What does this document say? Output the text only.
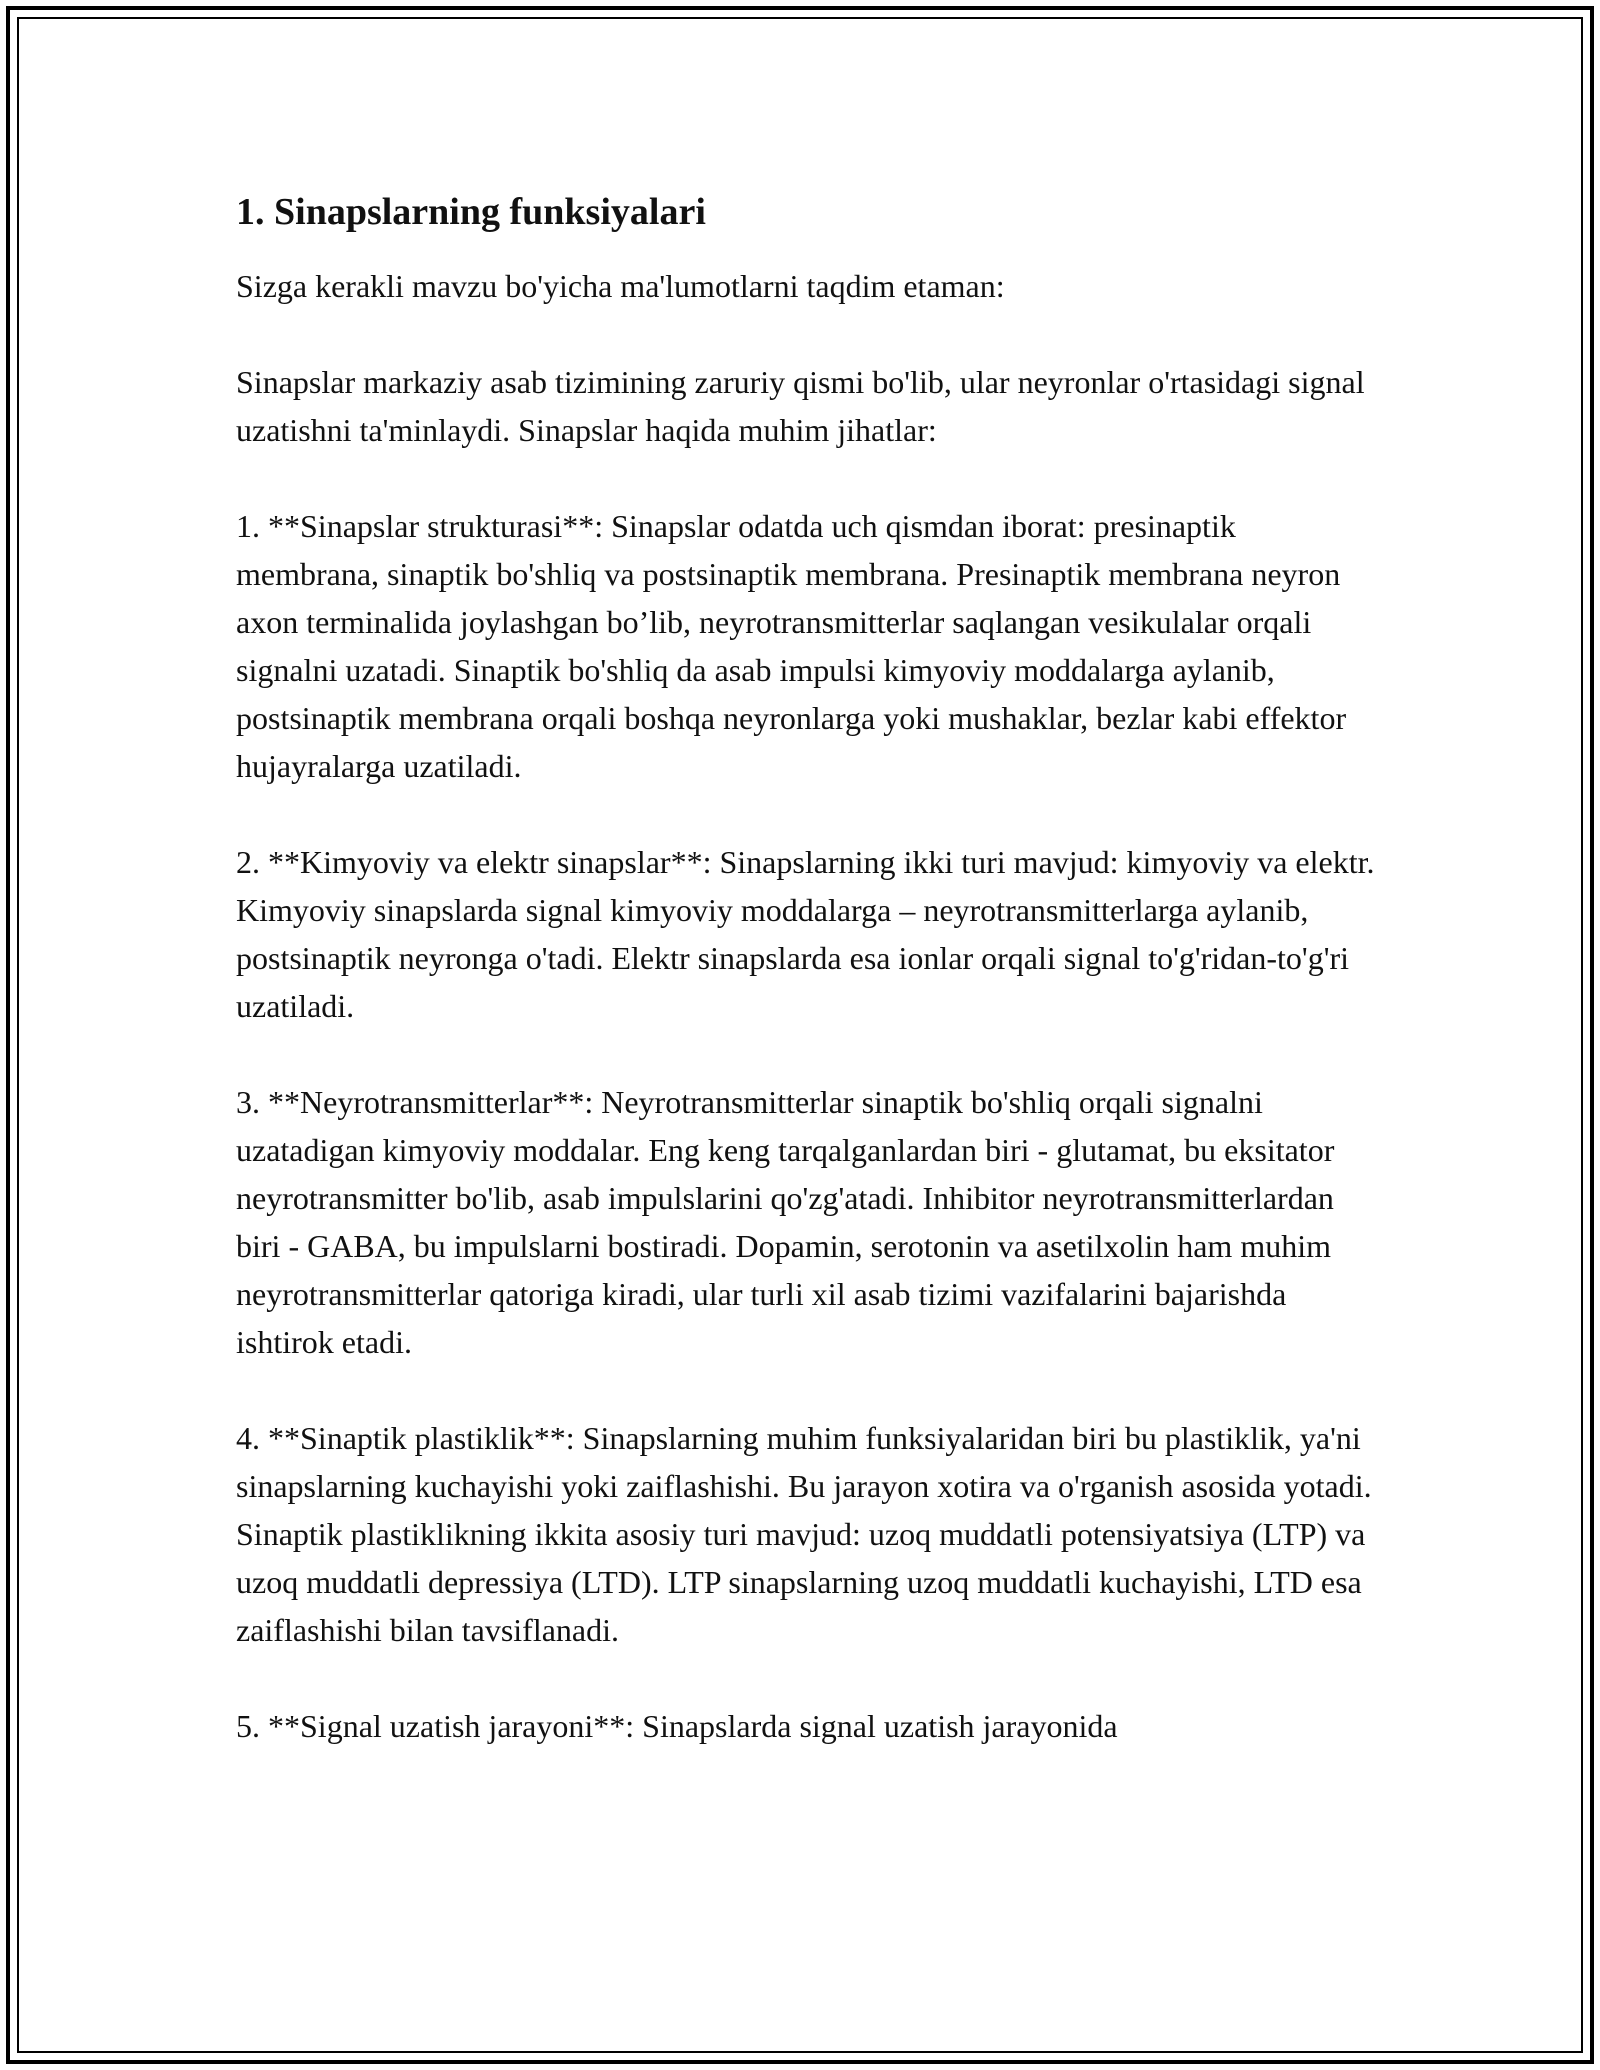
1. Sinapslarning funksiyalari

Sizga kerakli mavzu bo'yicha ma'lumotlarni taqdim etaman:

Sinapslar markaziy asab tizimining zaruriy qismi bo'lib, ular neyronlar o'rtasidagi signal uzatishni ta'minlaydi. Sinapslar haqida muhim jihatlar:

1. **Sinapslar strukturasi**: Sinapslar odatda uch qismdan iborat: presinaptik membrana, sinaptik bo'shliq va postsinaptik membrana. Presinaptik membrana neyron axon terminalida joylashgan bo’lib, neyrotransmitterlar saqlangan vesikulalar orqali signalni uzatadi. Sinaptik bo'shliq da asab impulsi kimyoviy moddalarga aylanib, postsinaptik membrana orqali boshqa neyronlarga yoki mushaklar, bezlar kabi effektor hujayralarga uzatiladi.

2. **Kimyoviy va elektr sinapslar**: Sinapslarning ikki turi mavjud: kimyoviy va elektr. Kimyoviy sinapslarda signal kimyoviy moddalarga – neyrotransmitterlarga aylanib, postsinaptik neyronga o'tadi. Elektr sinapslarda esa ionlar orqali signal to'g'ridan-to'g'ri uzatiladi.

3. **Neyrotransmitterlar**: Neyrotransmitterlar sinaptik bo'shliq orqali signalni uzatadigan kimyoviy moddalar. Eng keng tarqalganlardan biri - glutamat, bu eksitator neyrotransmitter bo'lib, asab impulslarini qo'zg'atadi. Inhibitor neyrotransmitterlardan biri - GABA, bu impulslarni bostiradi. Dopamin, serotonin va asetilxolin ham muhim neyrotransmitterlar qatoriga kiradi, ular turli xil asab tizimi vazifalarini bajarishda ishtirok etadi.

4. **Sinaptik plastiklik**: Sinapslarning muhim funksiyalaridan biri bu plastiklik, ya'ni sinapslarning kuchayishi yoki zaiflashishi. Bu jarayon xotira va o'rganish asosida yotadi. Sinaptik plastiklikning ikkita asosiy turi mavjud: uzoq muddatli potensiyatsiya (LTP) va uzoq muddatli depressiya (LTD). LTP sinapslarning uzoq muddatli kuchayishi, LTD esa zaiflashishi bilan tavsiflanadi.

5. **Signal uzatish jarayoni**: Sinapslarda signal uzatish jarayonida
